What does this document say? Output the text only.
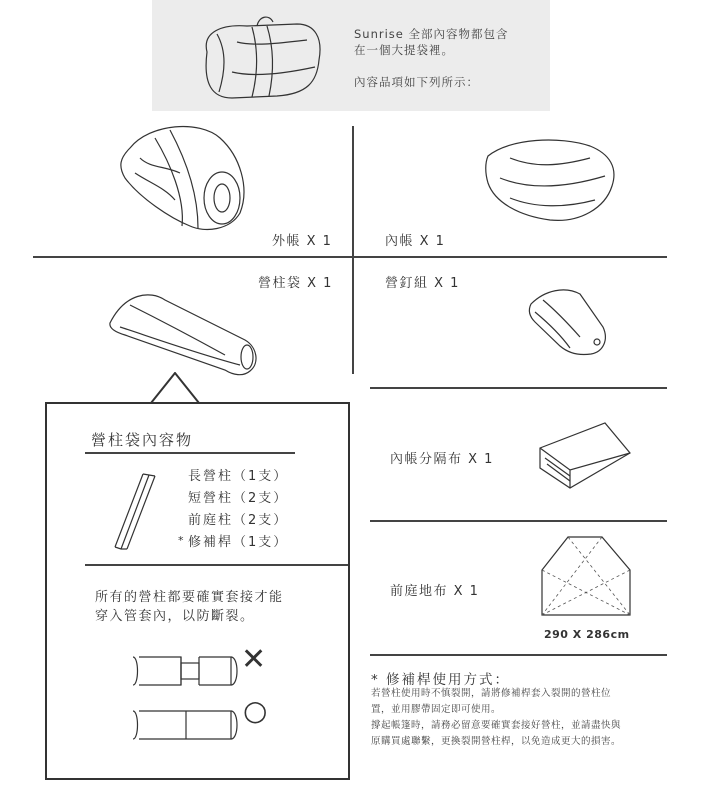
Sunrise 全部內容物都包含
在一個大提袋裡。
內容品項如下列所示：
外帳 X 1	內帳 X 1
營柱袋 X 1	營釘組 X 1
營柱袋內容物
長營柱（1支）
短營柱（2支）
前庭柱（2支）
修補桿（1支）
*
所有的營柱都要確實套接才能
穿入管套內，以防斷裂。
✕
○
內帳分隔布 X 1
前庭地布 X 1
290 X 286cm
* 修補桿使用方式：
若營柱使用時不慎裂開，請將修補桿套入裂開的營柱位
置，並用膠帶固定即可使用。
撐起帳篷時，請務必留意要確實套接好營柱，並請盡快與
原購買處聯繫，更換裂開營柱桿，以免造成更大的損害。
